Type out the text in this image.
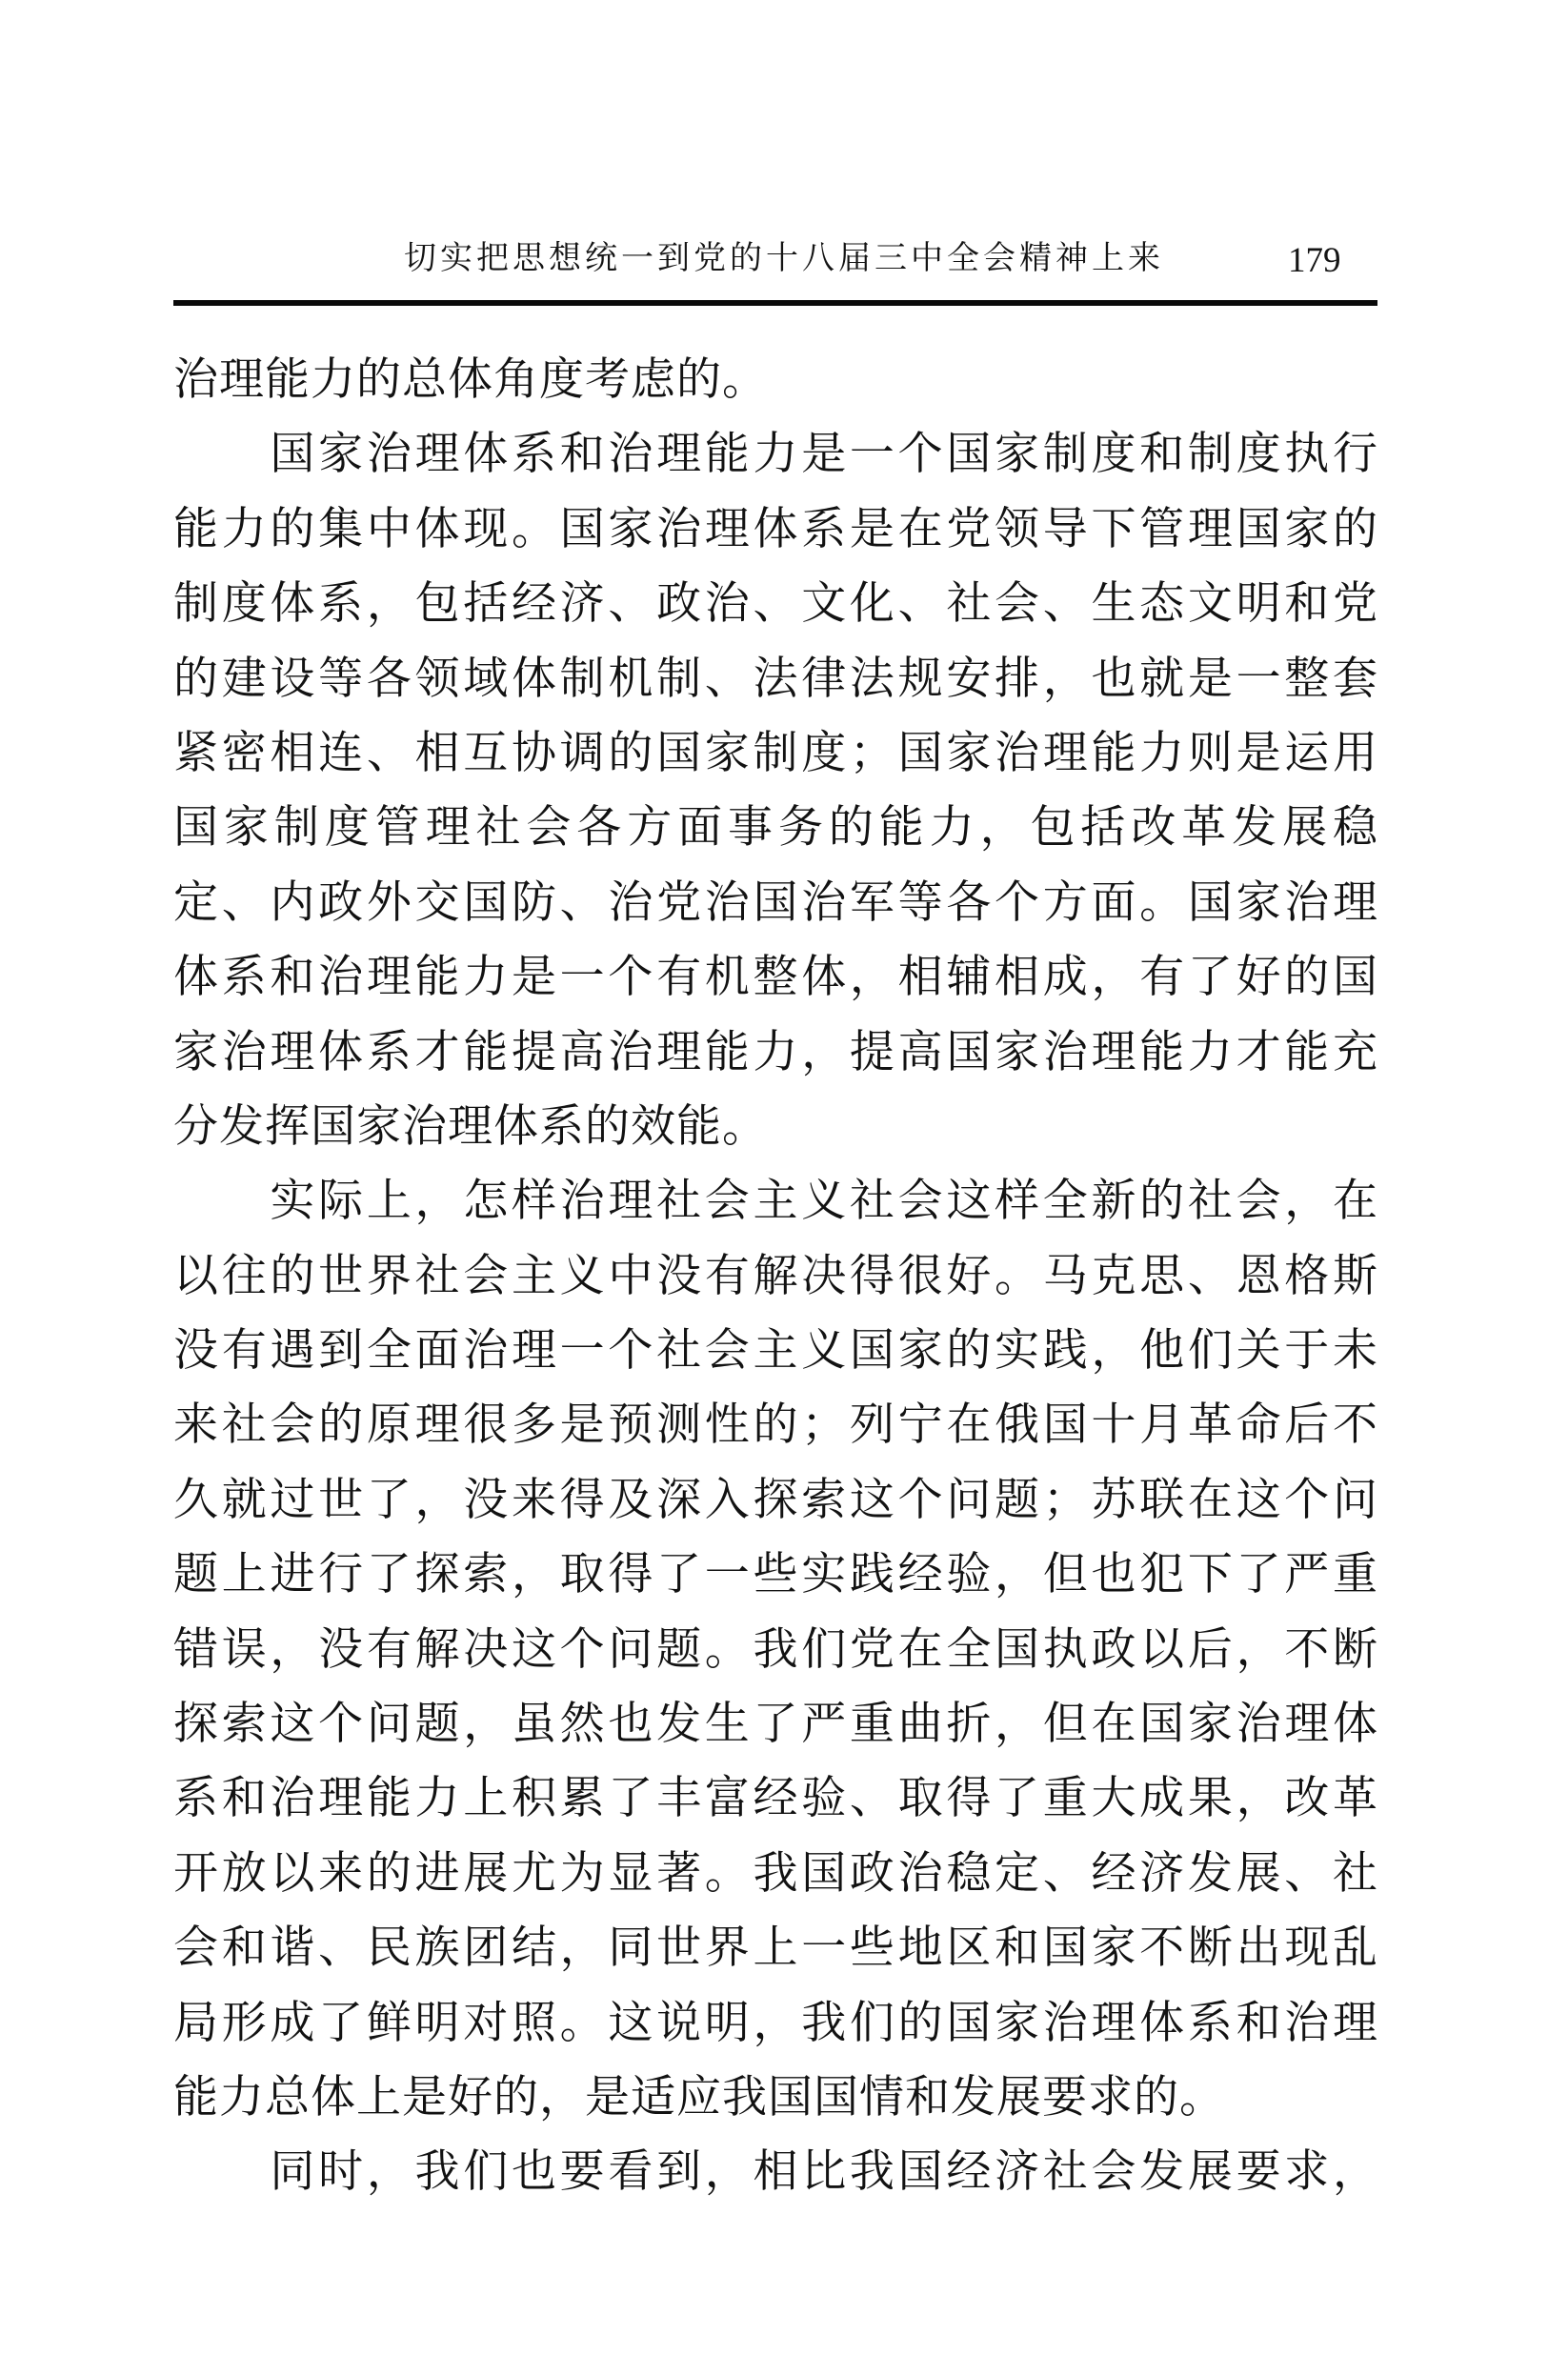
切实把思想统一到党的十八届三中全会精神上来	179
治理能力的总体角度考虑的。
　　国家治理体系和治理能力是一个国家制度和制度执行
能力的集中体现。国家治理体系是在党领导下管理国家的
制度体系，包括经济、政治、文化、社会、生态文明和党
的建设等各领域体制机制、法律法规安排，也就是一整套
紧密相连、相互协调的国家制度；国家治理能力则是运用
国家制度管理社会各方面事务的能力，包括改革发展稳
定、内政外交国防、治党治国治军等各个方面。国家治理
体系和治理能力是一个有机整体，相辅相成，有了好的国
家治理体系才能提高治理能力，提高国家治理能力才能充
分发挥国家治理体系的效能。
　　实际上，怎样治理社会主义社会这样全新的社会，在
以往的世界社会主义中没有解决得很好。马克思、恩格斯
没有遇到全面治理一个社会主义国家的实践，他们关于未
来社会的原理很多是预测性的；列宁在俄国十月革命后不
久就过世了，没来得及深入探索这个问题；苏联在这个问
题上进行了探索，取得了一些实践经验，但也犯下了严重
错误，没有解决这个问题。我们党在全国执政以后，不断
探索这个问题，虽然也发生了严重曲折，但在国家治理体
系和治理能力上积累了丰富经验、取得了重大成果，改革
开放以来的进展尤为显著。我国政治稳定、经济发展、社
会和谐、民族团结，同世界上一些地区和国家不断出现乱
局形成了鲜明对照。这说明，我们的国家治理体系和治理
能力总体上是好的，是适应我国国情和发展要求的。
　　同时，我们也要看到，相比我国经济社会发展要求，
